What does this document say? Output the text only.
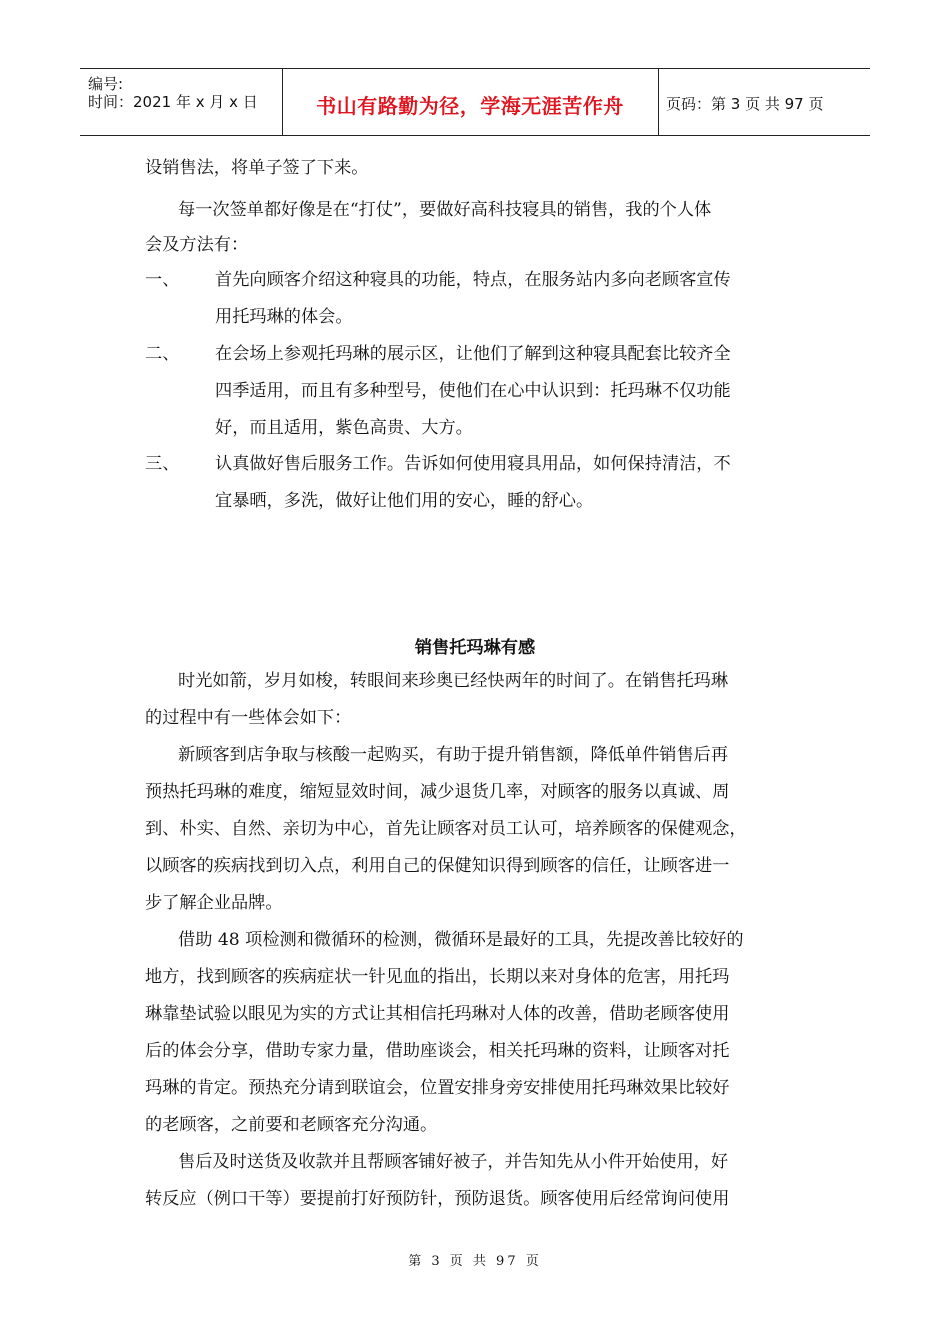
编号:
时间：2021 年 x 月 x 日	书山有路勤为径，学海无涯苦作舟	页码：第 3 页 共 97 页
设销售法，将单子签了下来。
每一次签单都好像是在“打仗”，要做好高科技寝具的销售，我的个人体
会及方法有：
一、 首先向顾客介绍这种寝具的功能，特点，在服务站内多向老顾客宣传
用托玛琳的体会。
二、 在会场上参观托玛琳的展示区，让他们了解到这种寝具配套比较齐全
四季适用，而且有多种型号，使他们在心中认识到：托玛琳不仅功能
好，而且适用，紫色高贵、大方。
三、 认真做好售后服务工作。告诉如何使用寝具用品，如何保持清洁，不
宜暴晒，多洗，做好让他们用的安心，睡的舒心。
销售托玛琳有感
时光如箭，岁月如梭，转眼间来珍奥已经快两年的时间了。在销售托玛琳
的过程中有一些体会如下：
新顾客到店争取与核酸一起购买，有助于提升销售额，降低单件销售后再
预热托玛琳的难度，缩短显效时间，减少退货几率，对顾客的服务以真诚、周
到、朴实、自然、亲切为中心，首先让顾客对员工认可，培养顾客的保健观念，
以顾客的疾病找到切入点，利用自己的保健知识得到顾客的信任，让顾客进一
步了解企业品牌。
借助 48 项检测和微循环的检测，微循环是最好的工具，先提改善比较好的
地方，找到顾客的疾病症状一针见血的指出，长期以来对身体的危害，用托玛
琳靠垫试验以眼见为实的方式让其相信托玛琳对人体的改善，借助老顾客使用
后的体会分享，借助专家力量，借助座谈会，相关托玛琳的资料，让顾客对托
玛琳的肯定。预热充分请到联谊会，位置安排身旁安排使用托玛琳效果比较好
的老顾客，之前要和老顾客充分沟通。
售后及时送货及收款并且帮顾客铺好被子，并告知先从小件开始使用，好
转反应（例口干等）要提前打好预防针，预防退货。顾客使用后经常询问使用
第 3 页 共 97 页
